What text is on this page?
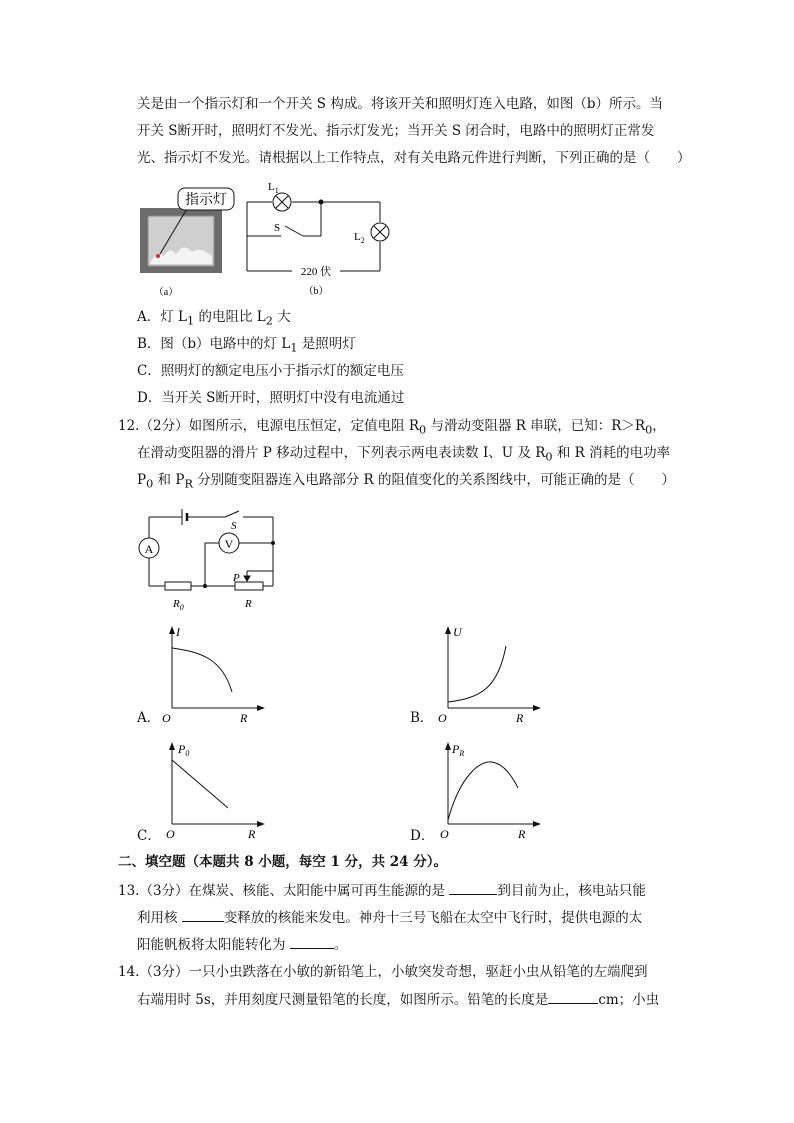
关是由一个指示灯和一个开关 S 构成。将该开关和照明灯连入电路，如图（b）所示。当
开关 S断开时，照明灯不发光、指示灯发光；当开关 S 闭合时，电路中的照明灯正常发
光、指示灯不发光。请根据以上工作特点，对有关电路元件进行判断，下列正确的是（　　）
指示灯
（a）
$L_1$
S
$L_2$
220 伏
（b）
A．灯 $L_1$ 的电阻比 $L_2$ 大
B．图（b）电路中的灯 $L_1$ 是照明灯
C．照明灯的额定电压小于指示灯的额定电压
D．当开关 S断开时，照明灯中没有电流通过
12.（2分）如图所示，电源电压恒定，定值电阻 $R_0$ 与滑动变阻器 R 串联，已知：$R>R_0$，
在滑动变阻器的滑片 P 移动过程中，下列表示两电表读数 I、U 及 $R_0$ 和 R 消耗的电功率
$P_0$ 和 $P_R$ 分别随变阻器连入电路部分 R 的阻值变化的关系图线中，可能正确的是（　　）
A	V
S
P
$R_0$	R
A．
I
O	R	B．
U
O	R
C．
$P_0$
O	R	D．
$P_R$
O	R
二、填空题（本题共 8 小题，每空 1 分，共 24 分）。
13.（3分）在煤炭、核能、太阳能中属可再生能源的是	到目前为止，核电站只能
利用核	变释放的核能来发电。神舟十三号飞船在太空中飞行时，提供电源的太
阳能帆板将太阳能转化为	。
14.（3分）一只小虫跌落在小敏的新铅笔上，小敏突发奇想，驱赶小虫从铅笔的左端爬到
右端用时 5s，并用刻度尺测量铅笔的长度，如图所示。铅笔的长度是	cm；小虫
